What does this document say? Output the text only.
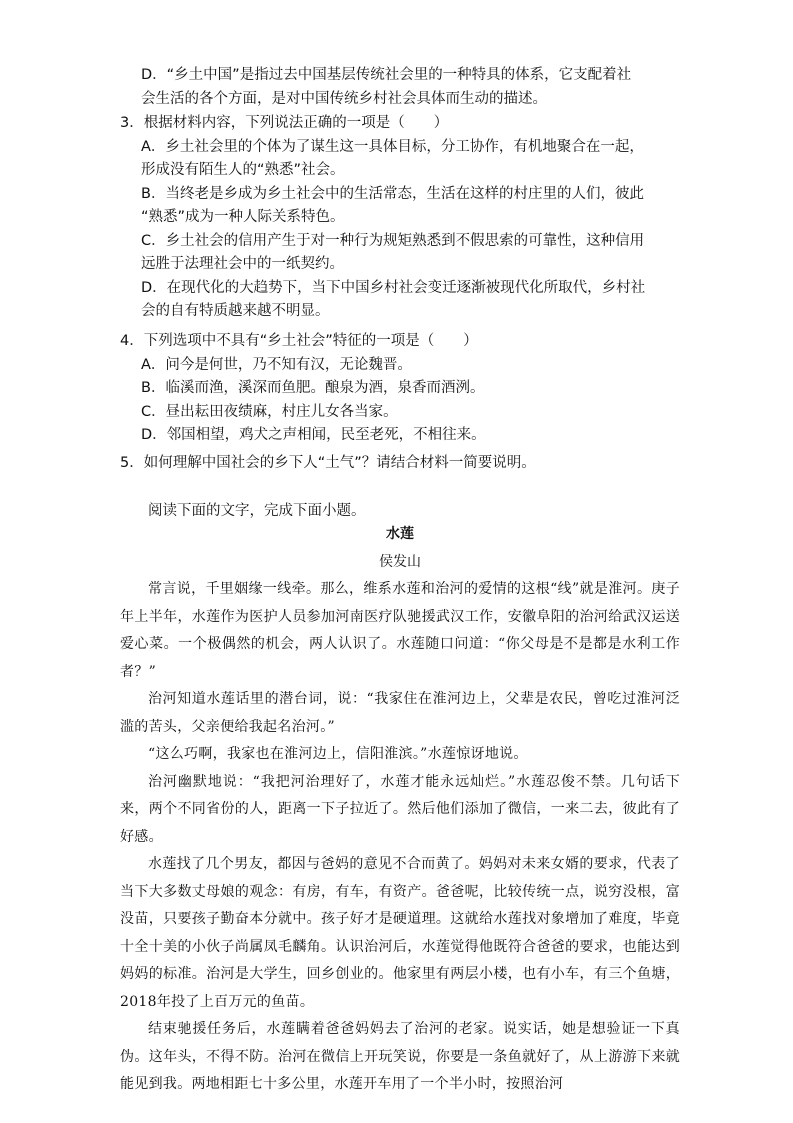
D．“乡土中国”是指过去中国基层传统社会里的一种特具的体系，它支配着社

会生活的各个方面，是对中国传统乡村社会具体而生动的描述。

3．根据材料内容，下列说法正确的一项是（　　）

A．乡土社会里的个体为了谋生这一具体目标，分工协作，有机地聚合在一起，

形成没有陌生人的“熟悉”社会。

B．当终老是乡成为乡土社会中的生活常态，生活在这样的村庄里的人们，彼此

“熟悉”成为一种人际关系特色。

C．乡土社会的信用产生于对一种行为规矩熟悉到不假思索的可靠性，这种信用

远胜于法理社会中的一纸契约。

D．在现代化的大趋势下，当下中国乡村社会变迁逐渐被现代化所取代，乡村社

会的自有特质越来越不明显。

4．下列选项中不具有“乡土社会”特征的一项是（　　）

A．问今是何世，乃不知有汉，无论魏晋。

B．临溪而渔，溪深而鱼肥。酿泉为酒，泉香而酒洌。

C．昼出耘田夜绩麻，村庄儿女各当家。

D．邻国相望，鸡犬之声相闻，民至老死，不相往来。

5．如何理解中国社会的乡下人“土气”？请结合材料一简要说明。

阅读下面的文字，完成下面小题。

水莲

侯发山

常言说，千里姻缘一线牵。那么，维系水莲和治河的爱情的这根“线”就是淮河。庚子年上半年，水莲作为医护人员参加河南医疗队驰援武汉工作，安徽阜阳的治河给武汉运送爱心菜。一个极偶然的机会，两人认识了。水莲随口问道：“你父母是不是都是水利工作者？”

治河知道水莲话里的潜台词，说：“我家住在淮河边上，父辈是农民，曾吃过淮河泛滥的苦头，父亲便给我起名治河。”

“这么巧啊，我家也在淮河边上，信阳淮滨。”水莲惊讶地说。

治河幽默地说：“我把河治理好了，水莲才能永远灿烂。”水莲忍俊不禁。几句话下来，两个不同省份的人，距离一下子拉近了。然后他们添加了微信，一来二去，彼此有了好感。

水莲找了几个男友，都因与爸妈的意见不合而黄了。妈妈对未来女婿的要求，代表了当下大多数丈母娘的观念：有房，有车，有资产。爸爸呢，比较传统一点，说穷没根，富没苗，只要孩子勤奋本分就中。孩子好才是硬道理。这就给水莲找对象增加了难度，毕竟十全十美的小伙子尚属凤毛麟角。认识治河后，水莲觉得他既符合爸爸的要求，也能达到妈妈的标准。治河是大学生，回乡创业的。他家里有两层小楼，也有小车，有三个鱼塘，2018年投了上百万元的鱼苗。

结束驰援任务后，水莲瞒着爸爸妈妈去了治河的老家。说实话，她是想验证一下真伪。这年头，不得不防。治河在微信上开玩笑说，你要是一条鱼就好了，从上游游下来就能见到我。两地相距七十多公里，水莲开车用了一个半小时，按照治河
